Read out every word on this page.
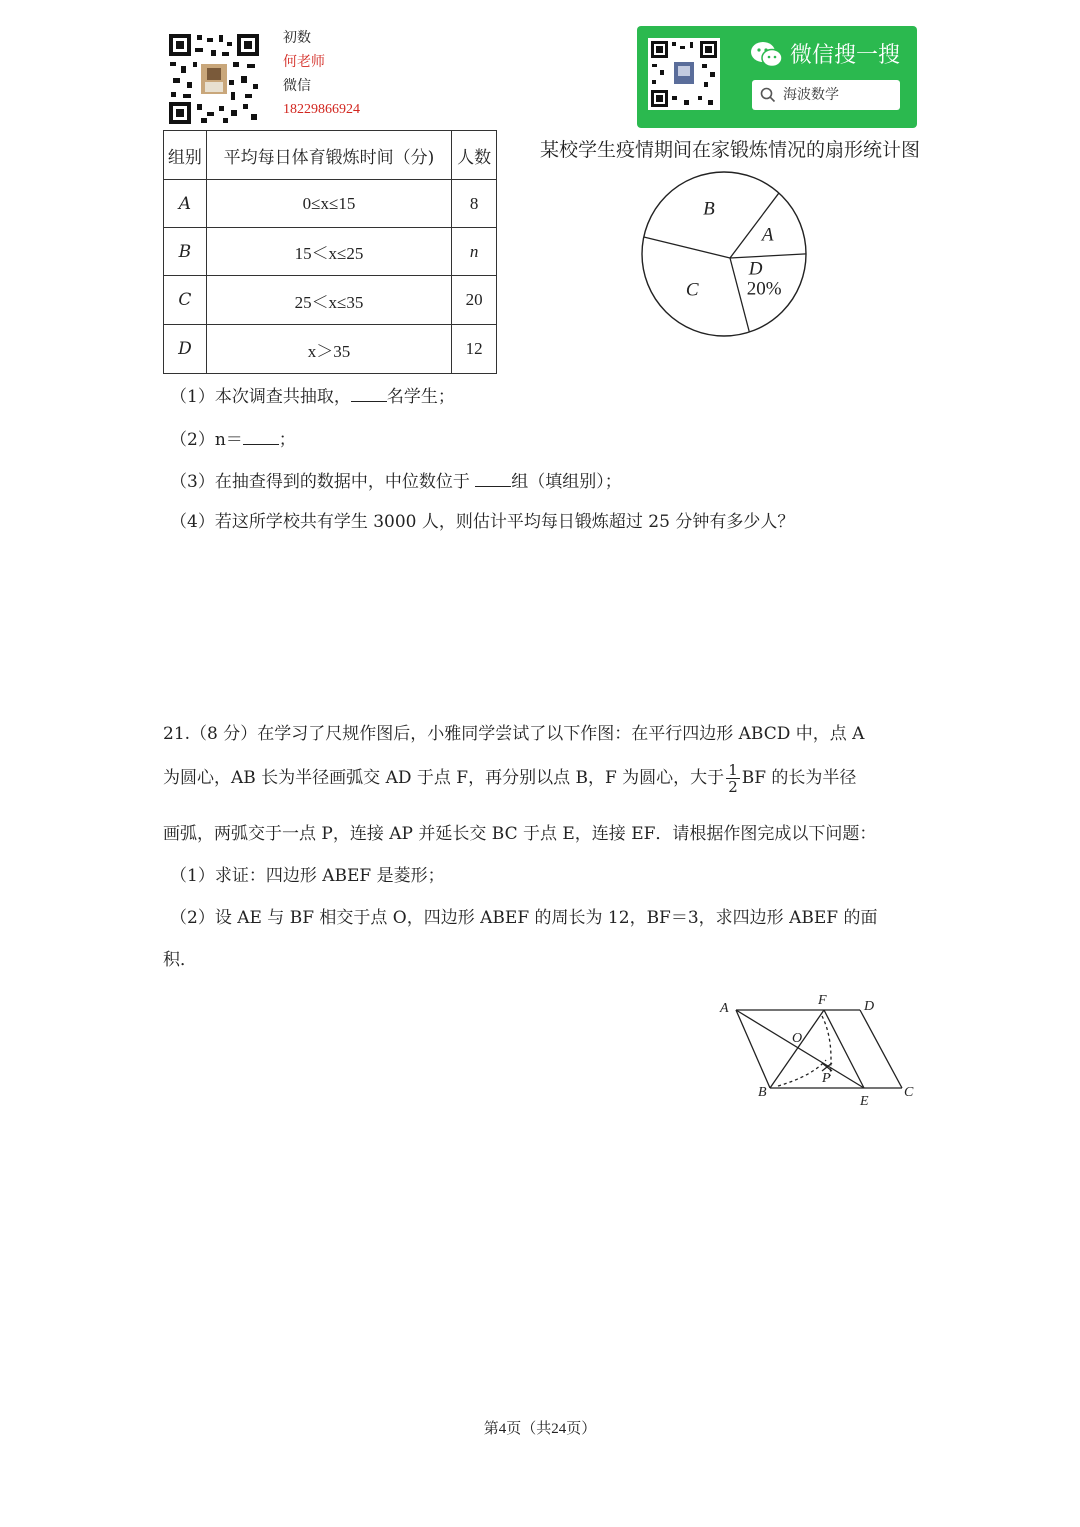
初数
何老师
微信
18229866924
微信搜一搜
海波数学
组别	平均每日体育锻炼时间（分)	人数
A	0≤x≤15	8
B	15＜x≤25	n
C	25＜x≤35	20
D	x＞35	12
某校学生疫情期间在家锻炼情况的扇形统计图
A
D
20%
C
B
（1）本次调查共抽取， 名学生；
（2）n＝ ；
（3）在抽查得到的数据中，中位数位于 组（填组别）；
（4）若这所学校共有学生 3000 人，则估计平均每日锻炼超过 25 分钟有多少人？
21.（8 分）在学习了尺规作图后，小雅同学尝试了以下作图：在平行四边形 ABCD 中，点 A
为圆心，AB 长为半径画弧交 AD 于点 F，再分别以点 B，F 为圆心，大于 $\frac{1}{2}$ BF 的长为半径
画弧，两弧交于一点 P，连接 AP 并延长交 BC 于点 E，连接 EF．请根据作图完成以下问题：
（1）求证：四边形 ABEF 是菱形；
（2）设 AE 与 BF 相交于点 O，四边形 ABEF 的周长为 12，BF＝3，求四边形 ABEF 的面
积．
A
F	D
O
P
B
E
C
第4页（共24页）
